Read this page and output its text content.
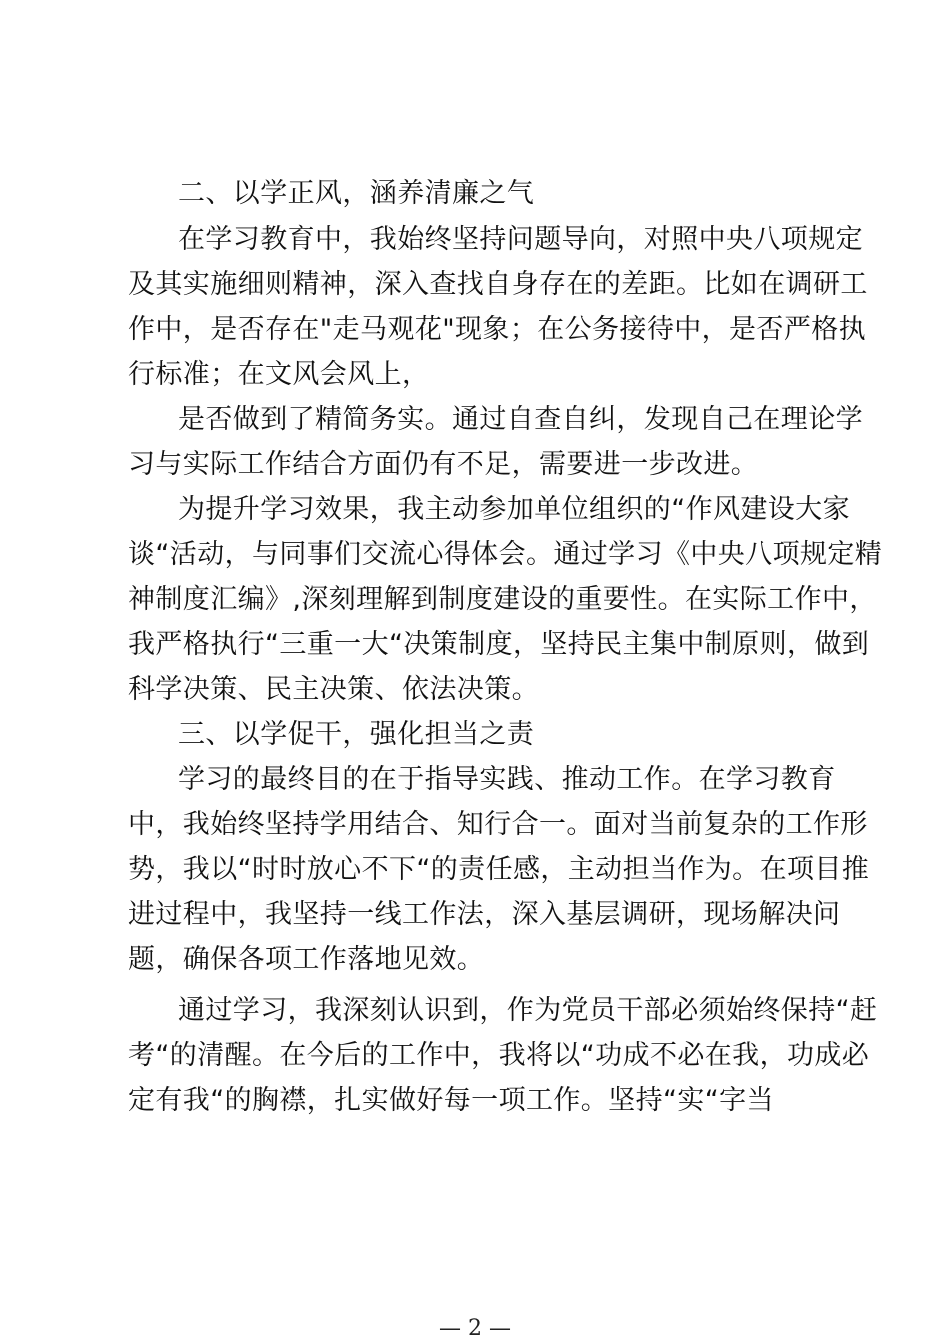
二、以学正风，涵养清廉之气
在学习教育中，我始终坚持问题导向，对照中央八项规定
及其实施细则精神，深入查找自身存在的差距。比如在调研工
作中，是否存在"走马观花"现象；在公务接待中，是否严格执
行标准；在文风会风上，
是否做到了精简务实。通过自查自纠，发现自己在理论学
习与实际工作结合方面仍有不足，需要进一步改进。
为提升学习效果，我主动参加单位组织的“作风建设大家
谈“活动，与同事们交流心得体会。通过学习《中央八项规定精
神制度汇编》,深刻理解到制度建设的重要性。在实际工作中，
我严格执行“三重一大“决策制度，坚持民主集中制原则，做到
科学决策、民主决策、依法决策。
三、以学促干，强化担当之责
学习的最终目的在于指导实践、推动工作。在学习教育
中，我始终坚持学用结合、知行合一。面对当前复杂的工作形
势，我以“时时放心不下“的责任感，主动担当作为。在项目推
进过程中，我坚持一线工作法，深入基层调研，现场解决问
题，确保各项工作落地见效。
通过学习，我深刻认识到，作为党员干部必须始终保持“赶
考“的清醒。在今后的工作中，我将以“功成不必在我，功成必
定有我“的胸襟，扎实做好每一项工作。坚持“实“字当
— 2 —
